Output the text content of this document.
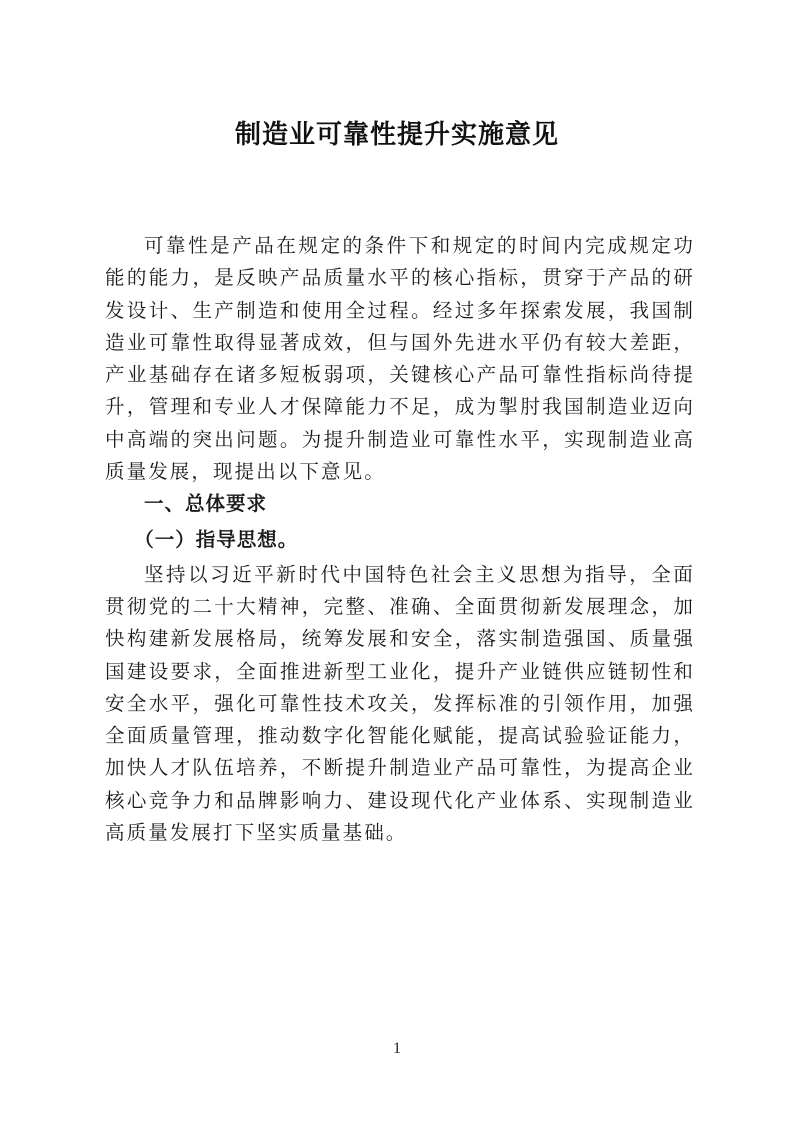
制造业可靠性提升实施意见

可靠性是产品在规定的条件下和规定的时间内完成规定功能的能力，是反映产品质量水平的核心指标，贯穿于产品的研发设计、生产制造和使用全过程。经过多年探索发展，我国制造业可靠性取得显著成效，但与国外先进水平仍有较大差距，产业基础存在诸多短板弱项，关键核心产品可靠性指标尚待提升，管理和专业人才保障能力不足，成为掣肘我国制造业迈向中高端的突出问题。为提升制造业可靠性水平，实现制造业高质量发展，现提出以下意见。

一、总体要求

（一）指导思想。

坚持以习近平新时代中国特色社会主义思想为指导，全面贯彻党的二十大精神，完整、准确、全面贯彻新发展理念，加快构建新发展格局，统筹发展和安全，落实制造强国、质量强国建设要求，全面推进新型工业化，提升产业链供应链韧性和安全水平，强化可靠性技术攻关，发挥标准的引领作用，加强全面质量管理，推动数字化智能化赋能，提高试验验证能力，加快人才队伍培养，不断提升制造业产品可靠性，为提高企业核心竞争力和品牌影响力、建设现代化产业体系、实现制造业高质量发展打下坚实质量基础。

1
